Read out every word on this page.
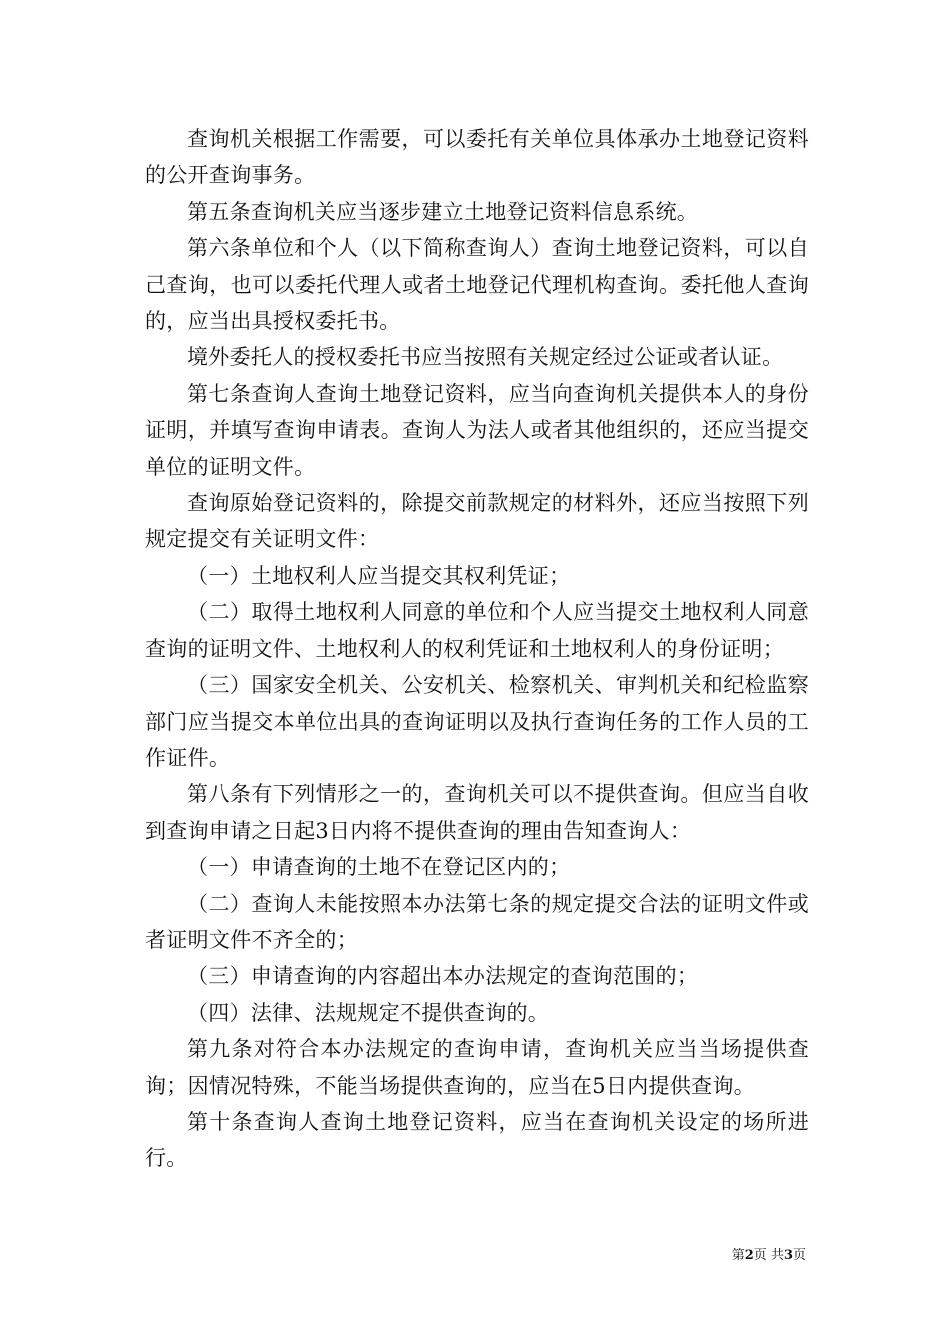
查询机关根据工作需要，可以委托有关单位具体承办土地登记资料的公开查询事务。

第五条查询机关应当逐步建立土地登记资料信息系统。

第六条单位和个人（以下简称查询人）查询土地登记资料，可以自己查询，也可以委托代理人或者土地登记代理机构查询。委托他人查询的，应当出具授权委托书。

境外委托人的授权委托书应当按照有关规定经过公证或者认证。

第七条查询人查询土地登记资料，应当向查询机关提供本人的身份证明，并填写查询申请表。查询人为法人或者其他组织的，还应当提交单位的证明文件。

查询原始登记资料的，除提交前款规定的材料外，还应当按照下列规定提交有关证明文件：

（一）土地权利人应当提交其权利凭证；

（二）取得土地权利人同意的单位和个人应当提交土地权利人同意查询的证明文件、土地权利人的权利凭证和土地权利人的身份证明；

（三）国家安全机关、公安机关、检察机关、审判机关和纪检监察部门应当提交本单位出具的查询证明以及执行查询任务的工作人员的工作证件。

第八条有下列情形之一的，查询机关可以不提供查询。但应当自收到查询申请之日起3日内将不提供查询的理由告知查询人：

（一）申请查询的土地不在登记区内的；

（二）查询人未能按照本办法第七条的规定提交合法的证明文件或者证明文件不齐全的；

（三）申请查询的内容超出本办法规定的查询范围的；

（四）法律、法规规定不提供查询的。

第九条对符合本办法规定的查询申请，查询机关应当当场提供查询；因情况特殊，不能当场提供查询的，应当在5日内提供查询。

第十条查询人查询土地登记资料，应当在查询机关设定的场所进行。

第2页 共3页
